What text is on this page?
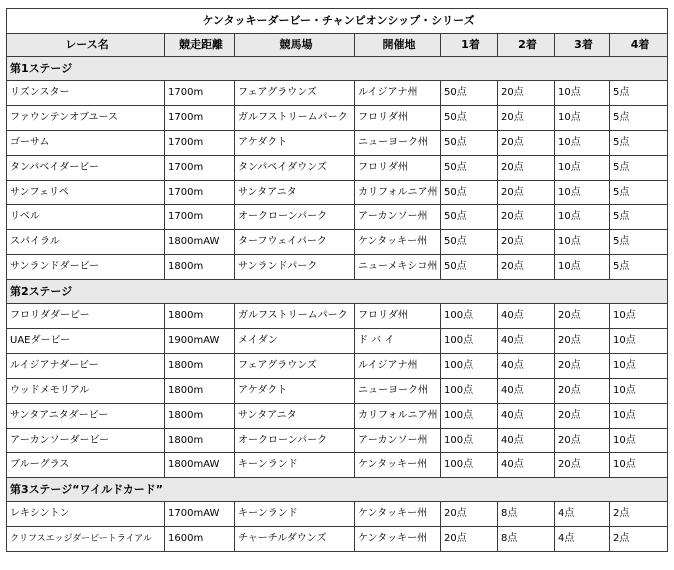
ケンタッキーダービー・チャンピオンシップ・シリーズ							
レース名	競走距離	競馬場	開催地	1着	2着	3着	4着
第1ステージ							
リズンスター	1700m	フェアグラウンズ	ルイジアナ州	50点	20点	10点	5点
ファウンテンオブユース	1700m	ガルフストリームパーク	フロリダ州	50点	20点	10点	5点
ゴーサム	1700m	アケダクト	ニューヨーク州	50点	20点	10点	5点
タンパベイダービー	1700m	タンパベイダウンズ	フロリダ州	50点	20点	10点	5点
サンフェリペ	1700m	サンタアニタ	カリフォルニア州	50点	20点	10点	5点
リベル	1700m	オークローンパーク	アーカンソー州	50点	20点	10点	5点
スパイラル	1800mAW	ターフウェイパーク	ケンタッキー州	50点	20点	10点	5点
サンランドダービー	1800m	サンランドパーク	ニューメキシコ州	50点	20点	10点	5点
第2ステージ							
フロリダダービー	1800m	ガルフストリームパーク	フロリダ州	100点	40点	20点	10点
UAEダービー	1900mAW	メイダン	ド バ イ	100点	40点	20点	10点
ルイジアナダービー	1800m	フェアグラウンズ	ルイジアナ州	100点	40点	20点	10点
ウッドメモリアル	1800m	アケダクト	ニューヨーク州	100点	40点	20点	10点
サンタアニタダービー	1800m	サンタアニタ	カリフォルニア州	100点	40点	20点	10点
アーカンソーダービー	1800m	オークローンパーク	アーカンソー州	100点	40点	20点	10点
ブルーグラス	1800mAW	キーンランド	ケンタッキー州	100点	40点	20点	10点
第3ステージ“ワイルドカード”							
レキシントン	1700mAW	キーンランド	ケンタッキー州	20点	8点	4点	2点
クリフスエッジダービートライアル	1600m	チャーチルダウンズ	ケンタッキー州	20点	8点	4点	2点
